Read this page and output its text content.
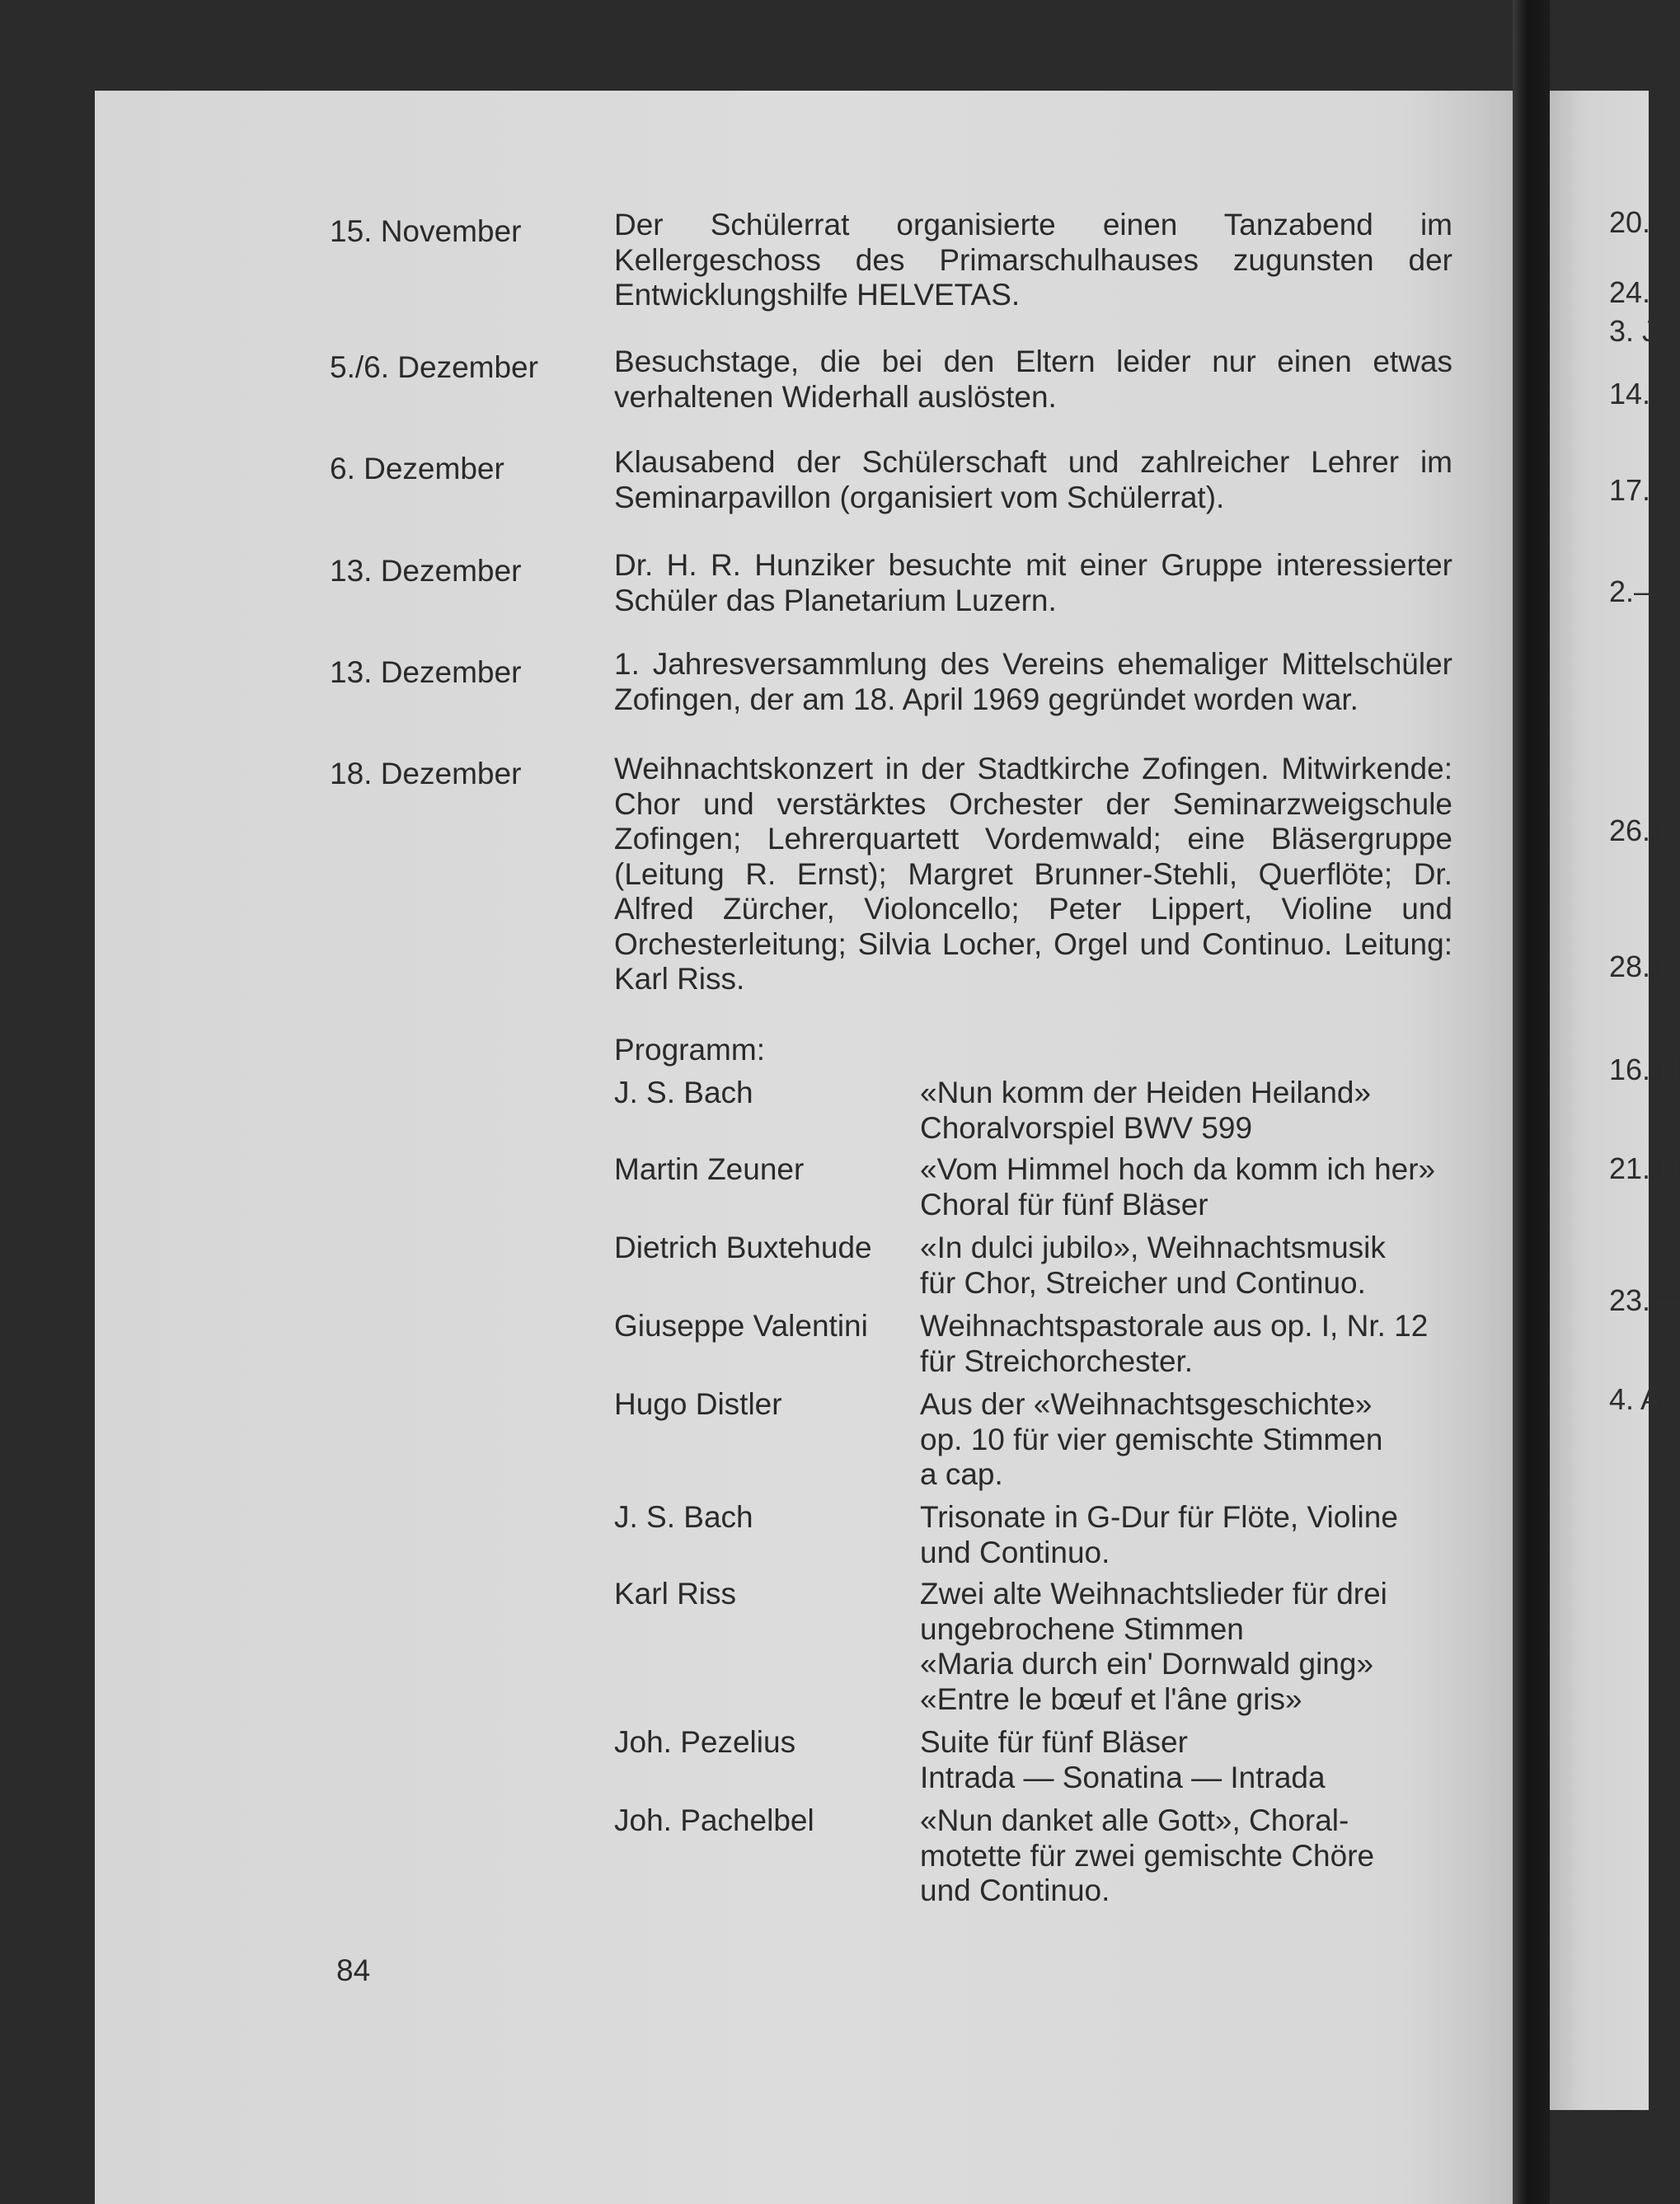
20.
24.
3. J
14.
17.
2.—
26. I
28. I
16. N
21. N
23.—
4. Ap
15. November	Der Schülerrat organisierte einen Tanzabend im Kellergeschoss des Primarschulhauses zugunsten der Entwicklungshilfe HELVETAS.
5./6. Dezember	Besuchstage, die bei den Eltern leider nur einen etwas verhaltenen Widerhall auslösten.
6. Dezember	Klausabend der Schülerschaft und zahlreicher Lehrer im Seminarpavillon (organisiert vom Schülerrat).
13. Dezember	Dr. H. R. Hunziker besuchte mit einer Gruppe interessierter Schüler das Planetarium Luzern.
13. Dezember	1. Jahresversammlung des Vereins ehemaliger Mittelschüler Zofingen, der am 18. April 1969 gegründet worden war.
18. Dezember	Weihnachtskonzert in der Stadtkirche Zofingen. Mitwirkende: Chor und verstärktes Orchester der Seminarzweigschule Zofingen; Lehrerquartett Vordemwald; eine Bläsergruppe (Leitung R. Ernst); Margret Brunner-Stehli, Querflöte; Dr. Alfred Zürcher, Violoncello; Peter Lippert, Violine und Orchesterleitung; Silvia Locher, Orgel und Continuo. Leitung: Karl Riss.
Programm:
J. S. Bach	«Nun komm der Heiden Heiland»
Choralvorspiel BWV 599
Martin Zeuner	«Vom Himmel hoch da komm ich her»
Choral für fünf Bläser
Dietrich Buxtehude	«In dulci jubilo», Weihnachtsmusik
für Chor, Streicher und Continuo.
Giuseppe Valentini	Weihnachtspastorale aus op. I, Nr. 12
für Streichorchester.
Hugo Distler	Aus der «Weihnachtsgeschichte»
op. 10 für vier gemischte Stimmen
a cap.
J. S. Bach	Trisonate in G-Dur für Flöte, Violine
und Continuo.
Karl Riss	Zwei alte Weihnachtslieder für drei
ungebrochene Stimmen
«Maria durch ein' Dornwald ging»
«Entre le bœuf et l'âne gris»
Joh. Pezelius	Suite für fünf Bläser
Intrada — Sonatina — Intrada
Joh. Pachelbel	«Nun danket alle Gott», Choral-
motette für zwei gemischte Chöre
und Continuo.
84
